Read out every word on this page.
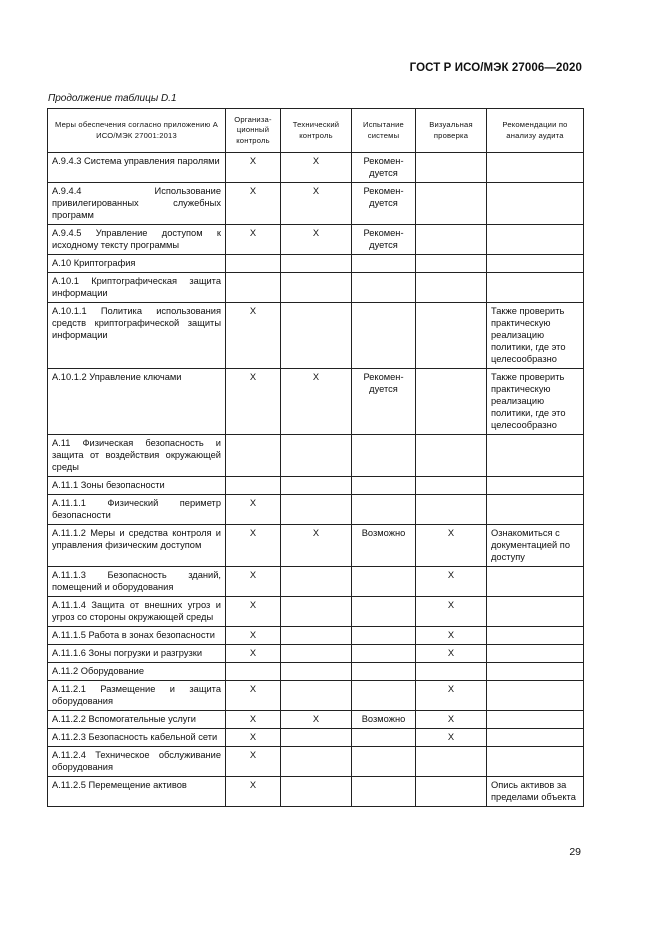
ГОСТ Р ИСО/МЭК 27006—2020
Продолжение таблицы D.1
Меры обеспечения согласно приложению А ИСО/МЭК 27001:2013	Организа- ционный контроль	Технический контроль	Испытание системы	Визуальная проверка	Рекомендации по анализу аудита
A.9.4.3 Система управления паролями	X	X	Рекомен- дуется		
A.9.4.4 Использование привилегированных служебных программ	X	X	Рекомен- дуется		
A.9.4.5 Управление доступом к исходному тексту программы	X	X	Рекомен- дуется		
A.10 Криптография					
A.10.1 Криптографическая защита информации					
A.10.1.1 Политика использования средств криптографической защиты информации	X				Также проверить практическую реализацию политики, где это целесообразно
A.10.1.2 Управление ключами	X	X	Рекомен- дуется		Также проверить практическую реализацию политики, где это целесообразно
A.11 Физическая безопасность и защита от воздействия окружающей среды					
A.11.1 Зоны безопасности					
A.11.1.1 Физический периметр безопасности	X				
A.11.1.2 Меры и средства контроля и управления физическим доступом	X	X	Возможно	X	Ознакомиться с документацией по доступу
A.11.1.3 Безопасность зданий, помещений и оборудования	X			X	
A.11.1.4 Защита от внешних угроз и угроз со стороны окружающей среды	X			X	
A.11.1.5 Работа в зонах безопасности	X			X	
A.11.1.6 Зоны погрузки и разгрузки	X			X	
A.11.2 Оборудование					
A.11.2.1 Размещение и защита оборудования	X			X	
A.11.2.2 Вспомогательные услуги	X	X	Возможно	X	
A.11.2.3 Безопасность кабельной сети	X			X	
A.11.2.4 Техническое обслуживание оборудования	X				
A.11.2.5 Перемещение активов	X				Опись активов за пределами объекта
29
